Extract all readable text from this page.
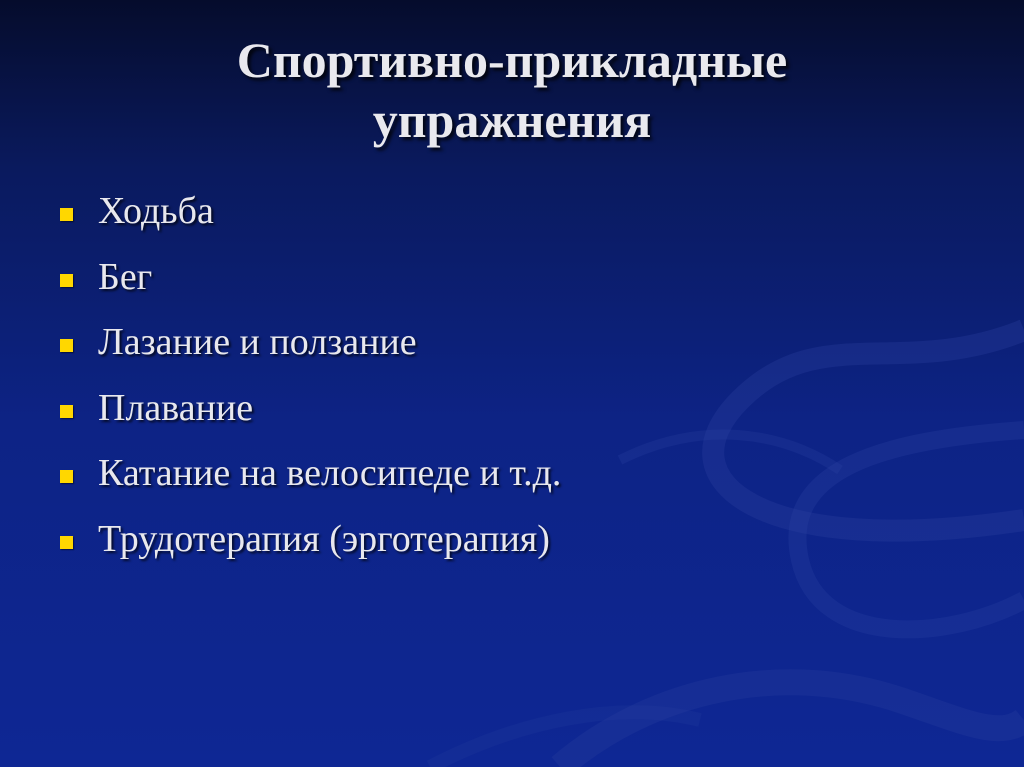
Спортивно-прикладные
упражнения
Ходьба
Бег
Лазание и ползание
Плавание
Катание на велосипеде и т.д.
Трудотерапия (эрготерапия)
